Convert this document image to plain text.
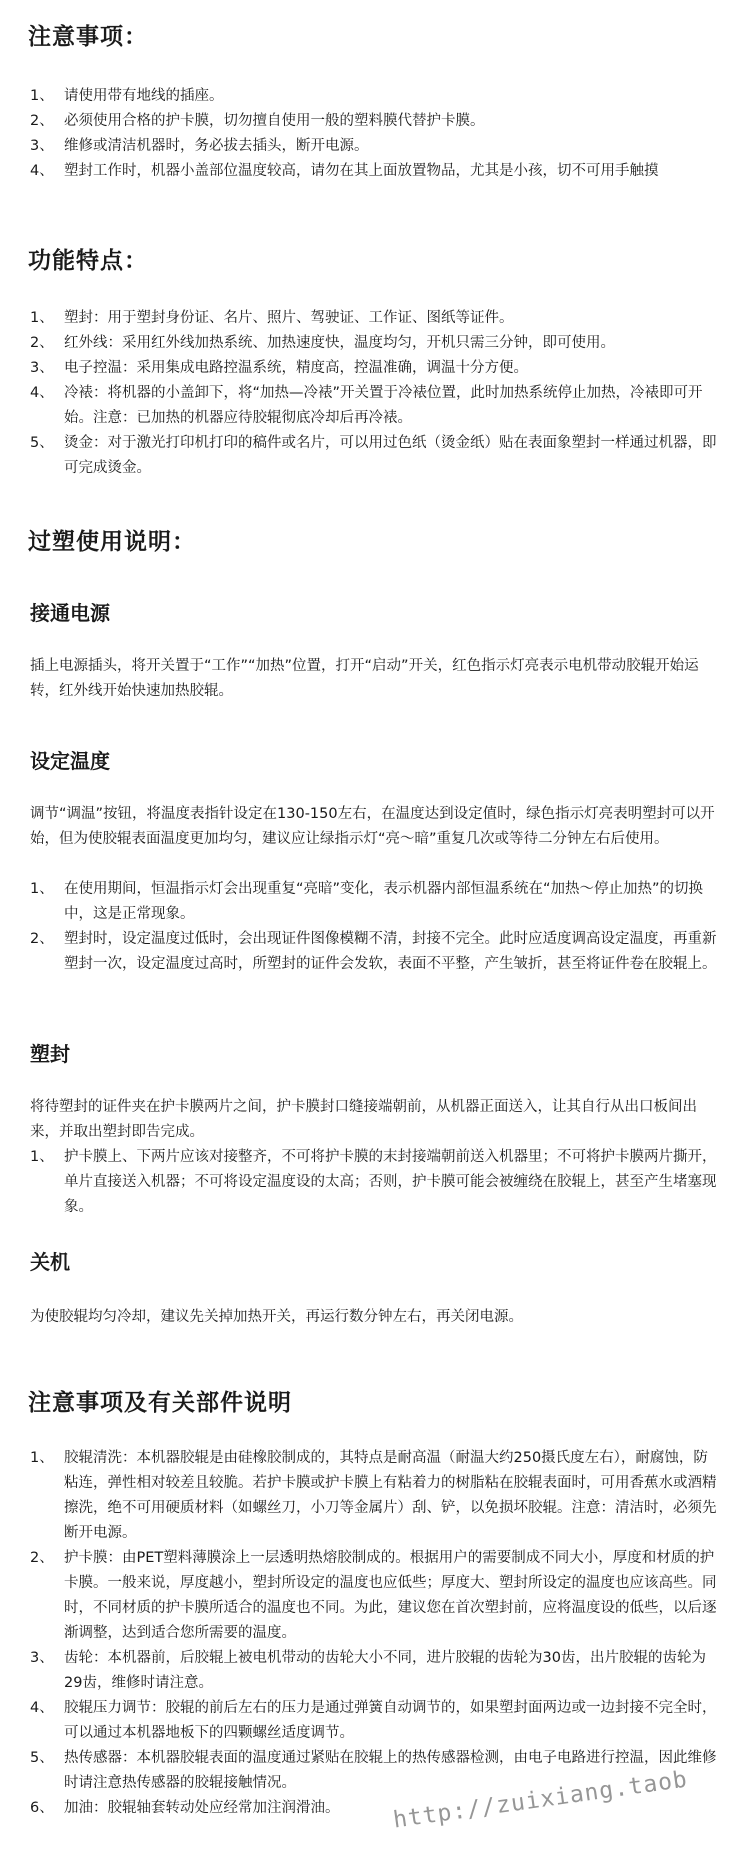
注意事项：
1、 请使用带有地线的插座。
2、 必须使用合格的护卡膜，切勿擅自使用一般的塑料膜代替护卡膜。
3、 维修或清洁机器时，务必拔去插头，断开电源。
4、 塑封工作时，机器小盖部位温度较高，请勿在其上面放置物品，尤其是小孩，切不可用手触摸
功能特点：
1、 塑封：用于塑封身份证、名片、照片、驾驶证、工作证、图纸等证件。
2、 红外线：采用红外线加热系统、加热速度快，温度均匀，开机只需三分钟，即可使用。
3、 电子控温：采用集成电路控温系统，精度高，控温准确，调温十分方便。
4、 冷裱：将机器的小盖卸下，将“加热—冷裱”开关置于冷裱位置，此时加热系统停止加热，冷裱即可开始。注意：已加热的机器应待胶辊彻底冷却后再冷裱。
5、 烫金：对于激光打印机打印的稿件或名片，可以用过色纸（烫金纸）贴在表面象塑封一样通过机器，即可完成烫金。
过塑使用说明：
接通电源
插上电源插头，将开关置于“工作”“加热”位置，打开“启动”开关，红色指示灯亮表示电机带动胶辊开始运转，红外线开始快速加热胶辊。
设定温度
调节“调温”按钮，将温度表指针设定在130-150左右，在温度达到设定值时，绿色指示灯亮表明塑封可以开始，但为使胶辊表面温度更加均匀，建议应让绿指示灯“亮～暗”重复几次或等待二分钟左右后使用。
1、 在使用期间，恒温指示灯会出现重复“亮暗”变化，表示机器内部恒温系统在“加热～停止加热”的切换中，这是正常现象。
2、 塑封时，设定温度过低时，会出现证件图像模糊不清，封接不完全。此时应适度调高设定温度，再重新塑封一次，设定温度过高时，所塑封的证件会发软，表面不平整，产生皱折，甚至将证件卷在胶辊上。
塑封
将待塑封的证件夹在护卡膜两片之间，护卡膜封口缝接端朝前，从机器正面送入，让其自行从出口板间出来，并取出塑封即告完成。
1、 护卡膜上、下两片应该对接整齐，不可将护卡膜的末封接端朝前送入机器里；不可将护卡膜两片撕开，单片直接送入机器；不可将设定温度设的太高；否则，护卡膜可能会被缠绕在胶辊上，甚至产生堵塞现象。
关机
为使胶辊均匀冷却，建议先关掉加热开关，再运行数分钟左右，再关闭电源。
注意事项及有关部件说明
1、 胶辊清洗：本机器胶辊是由硅橡胶制成的，其特点是耐高温（耐温大约250摄氏度左右），耐腐蚀，防粘连，弹性相对较差且较脆。若护卡膜或护卡膜上有粘着力的树脂粘在胶辊表面时，可用香蕉水或酒精擦洗，绝不可用硬质材料（如螺丝刀，小刀等金属片）刮、铲，以免损坏胶辊。注意：清洁时，必须先断开电源。
2、 护卡膜：由PET塑料薄膜涂上一层透明热熔胶制成的。根据用户的需要制成不同大小，厚度和材质的护卡膜。一般来说，厚度越小，塑封所设定的温度也应低些；厚度大、塑封所设定的温度也应该高些。同时，不同材质的护卡膜所适合的温度也不同。为此，建议您在首次塑封前，应将温度设的低些，以后逐渐调整，达到适合您所需要的温度。
3、 齿轮：本机器前，后胶辊上被电机带动的齿轮大小不同，进片胶辊的齿轮为30齿，出片胶辊的齿轮为29齿，维修时请注意。
4、 胶辊压力调节：胶辊的前后左右的压力是通过弹簧自动调节的，如果塑封面两边或一边封接不完全时，可以通过本机器地板下的四颗螺丝适度调节。
5、 热传感器：本机器胶辊表面的温度通过紧贴在胶辊上的热传感器检测，由电子电路进行控温，因此维修时请注意热传感器的胶辊接触情况。
6、 加油：胶辊轴套转动处应经常加注润滑油。	http://zuixiang.taob
